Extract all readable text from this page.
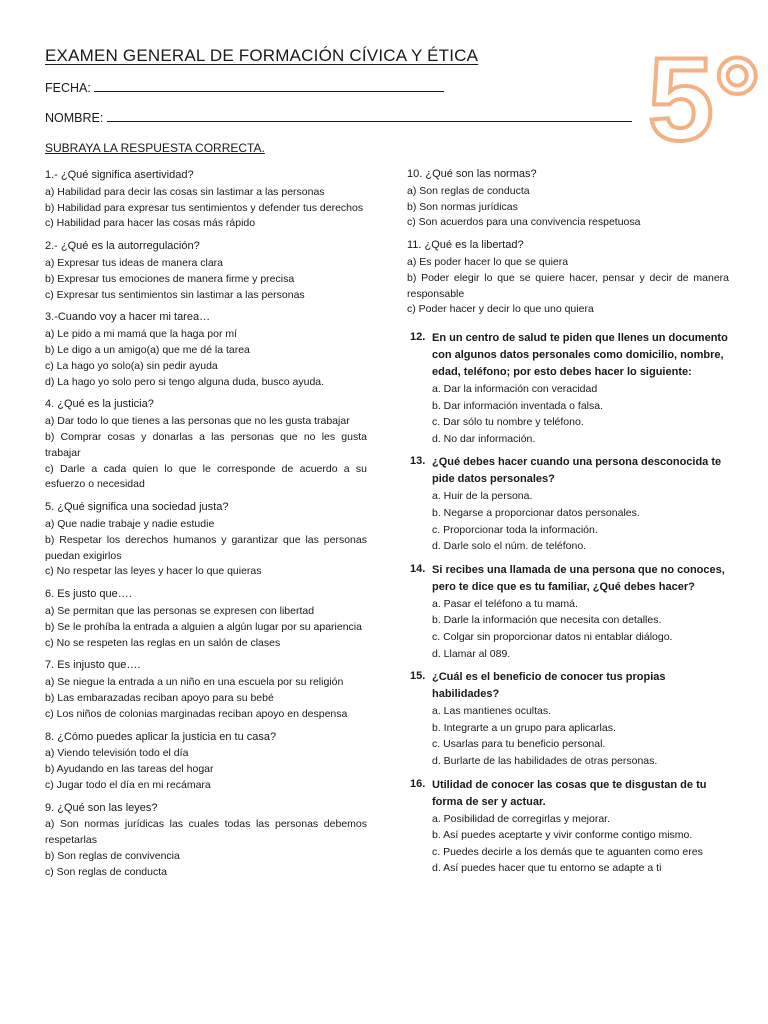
EXAMEN GENERAL DE FORMACIÓN CÍVICA Y ÉTICA
FECHA:
NOMBRE:
SUBRAYA LA RESPUESTA CORRECTA.	5°
1.- ¿Qué significa asertividad?
a) Habilidad para decir las cosas sin lastimar a las personas
b) Habilidad para expresar tus sentimientos y defender tus derechos
c) Habilidad para hacer las cosas más rápido
2.- ¿Qué es la autorregulación?
a) Expresar tus ideas de manera clara
b) Expresar tus emociones de manera firme y precisa
c) Expresar tus sentimientos sin lastimar a las personas
3.-Cuando voy a hacer mi tarea…
a) Le pido a mi mamá que la haga por mí
b) Le digo a un amigo(a) que me dé la tarea
c) La hago yo solo(a) sin pedir ayuda
d) La hago yo solo pero si tengo alguna duda, busco ayuda.
4. ¿Qué es la justicia?
a) Dar todo lo que tienes a las personas que no les gusta trabajar
b) Comprar cosas y donarlas a las personas que no les gusta trabajar
c) Darle a cada quien lo que le corresponde de acuerdo a su esfuerzo o necesidad
5. ¿Qué significa una sociedad justa?
a) Que nadie trabaje y nadie estudie
b) Respetar los derechos humanos y garantizar que las personas puedan exigirlos
c) No respetar las leyes y hacer lo que quieras
6. Es justo que….
a) Se permitan que las personas se expresen con libertad
b) Se le prohíba la entrada a alguien a algún lugar por su apariencia
c) No se respeten las reglas en un salón de clases
7. Es injusto que….
a) Se niegue la entrada a un niño en una escuela por su religión
b) Las embarazadas reciban apoyo para su bebé
c) Los niños de colonias marginadas reciban apoyo en despensa
8. ¿Cómo puedes aplicar la justicia en tu casa?
a) Viendo televisión todo el día
b) Ayudando en las tareas del hogar
c) Jugar todo el día en mi recámara
9. ¿Qué son las leyes?
a) Son normas jurídicas las cuales todas las personas debemos respetarlas
b) Son reglas de convivencia
c) Son reglas de conducta
10. ¿Qué son las normas?
a) Son reglas de conducta
b) Son normas jurídicas
c) Son acuerdos para una convivencia respetuosa
11. ¿Qué es la libertad?
a) Es poder hacer lo que se quiera
b) Poder elegir lo que se quiere hacer, pensar y decir de manera responsable
c) Poder hacer y decir lo que uno quiera
12. En un centro de salud te piden que llenes un documento con algunos datos personales como domicilio, nombre, edad, teléfono; por esto debes hacer lo siguiente:
a. Dar la información con veracidad
b. Dar información inventada o falsa.
c. Dar sólo tu nombre y teléfono.
d. No dar información.
13. ¿Qué debes hacer cuando una persona desconocida te pide datos personales?
a. Huir de la persona.
b. Negarse a proporcionar datos personales.
c. Proporcionar toda la información.
d. Darle solo el núm. de teléfono.
14. Si recibes una llamada de una persona que no conoces, pero te dice que es tu familiar, ¿Qué debes hacer?
a. Pasar el teléfono a tu mamá.
b. Darle la información que necesita con detalles.
c. Colgar sin proporcionar datos ni entablar diálogo.
d. Llamar al 089.
15. ¿Cuál es el beneficio de conocer tus propias habilidades?
a. Las mantienes ocultas.
b. Integrarte a un grupo para aplicarlas.
c. Usarlas para tu beneficio personal.
d. Burlarte de las habilidades de otras personas.
16. Utilidad de conocer las cosas que te disgustan de tu forma de ser y actuar.
a. Posibilidad de corregirlas y mejorar.
b. Así puedes aceptarte y vivir conforme contigo mismo.
c. Puedes decirle a los demás que te aguanten como eres
d. Así puedes hacer que tu entorno se adapte a ti
